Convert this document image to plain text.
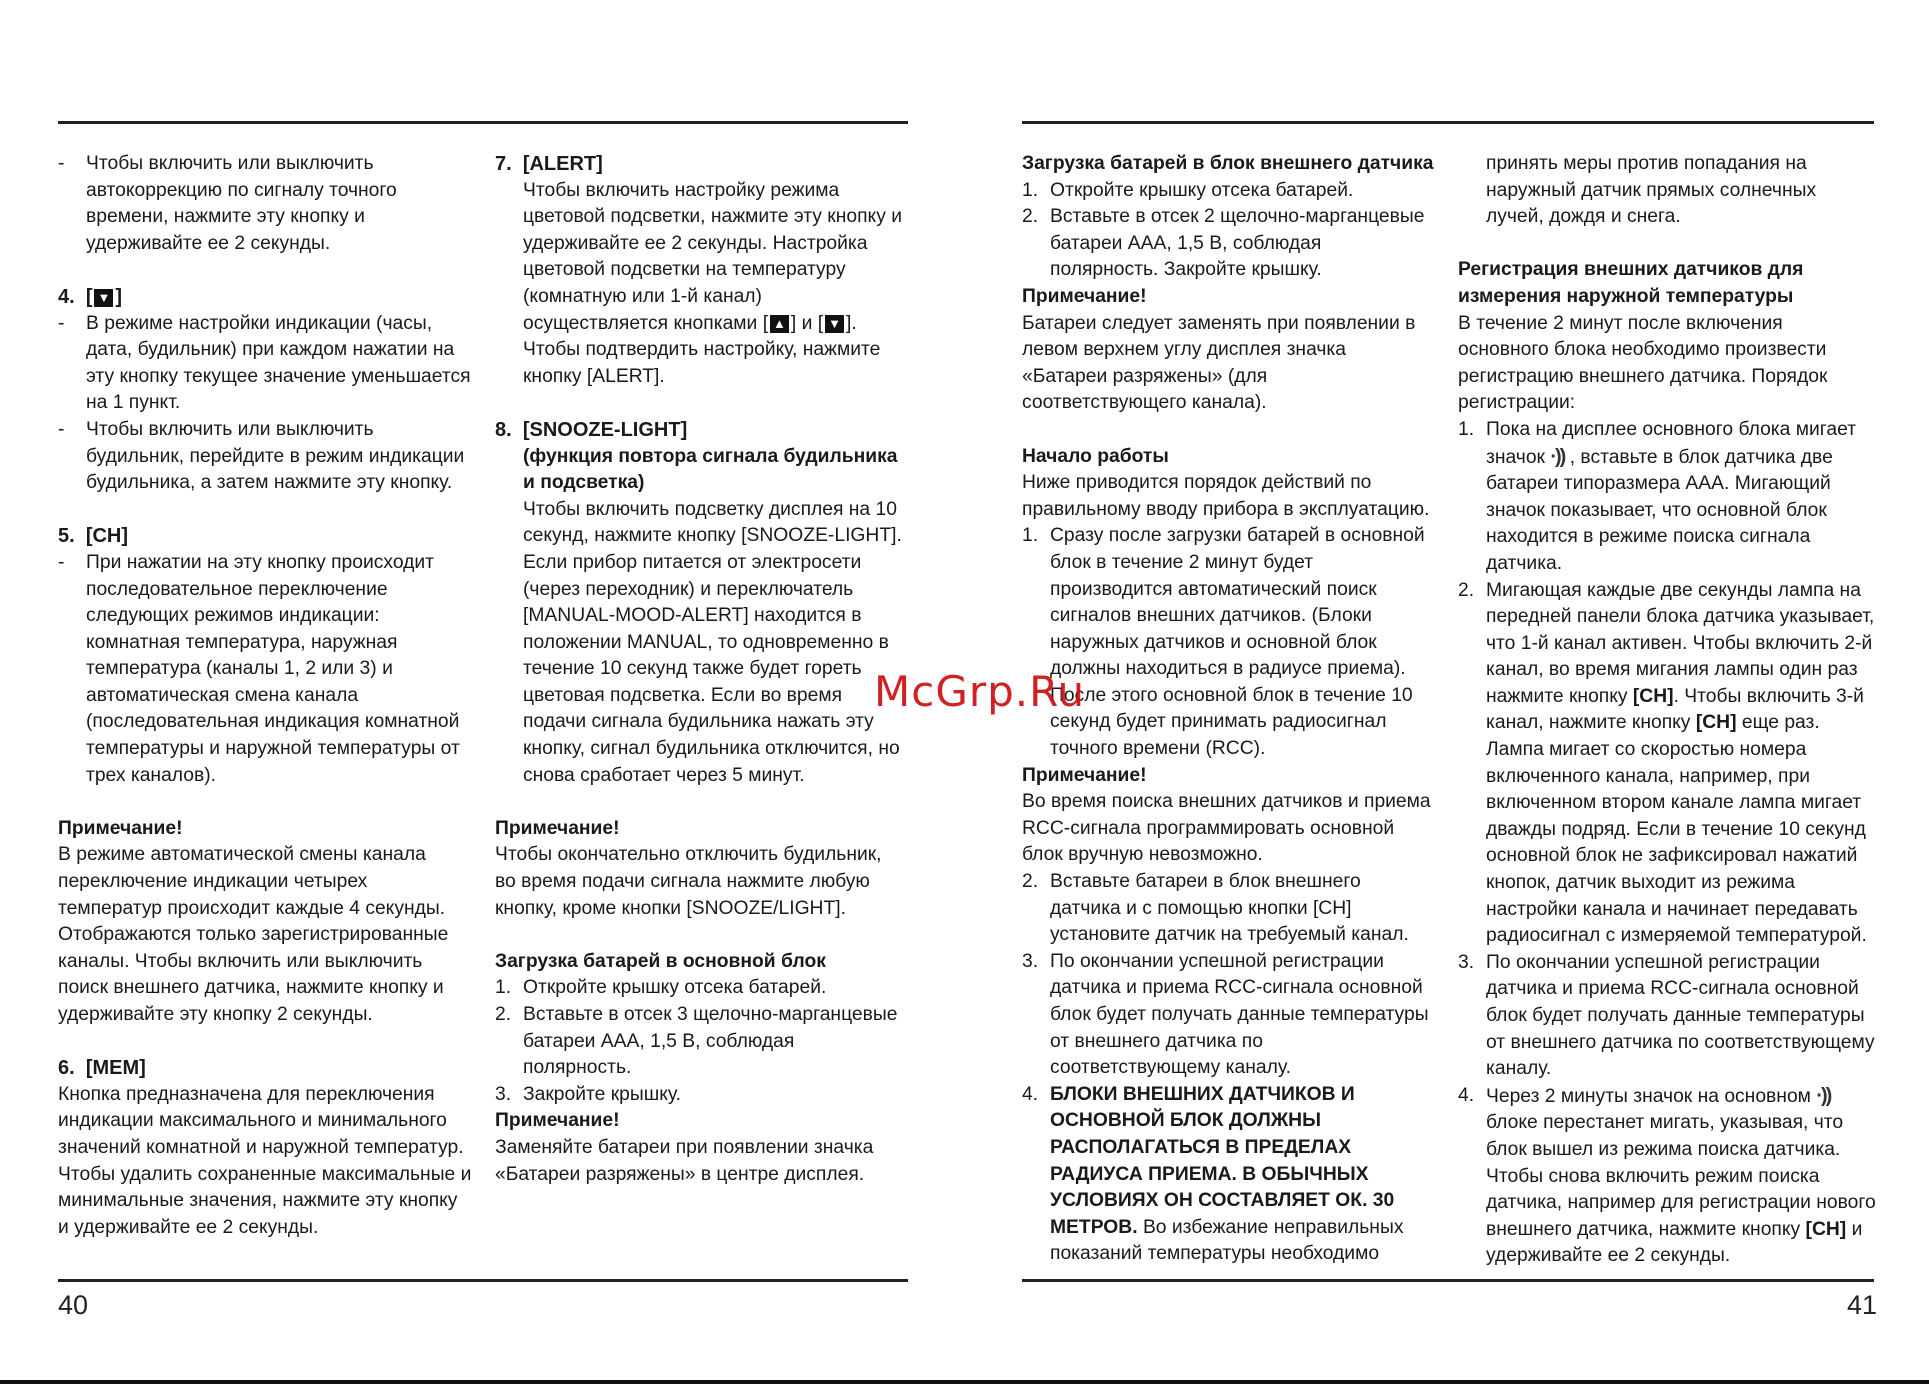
-	Чтобы включить или выключить автокоррекцию по сигналу точного времени, нажмите эту кнопку и удерживайте ее 2 секунды.

4. [ ▼ ]

-	В режиме настройки индикации (часы, дата, будильник) при каждом нажатии на эту кнопку текущее значение уменьшается на 1 пункт.
-	Чтобы включить или выключить будильник, перейдите в режим индикации будильника, а затем нажмите эту кнопку.

5. [CH]

-	При нажатии на эту кнопку происходит последовательное переключение следующих режимов индикации: комнатная температура, наружная температура (каналы 1, 2 или 3) и автоматическая смена канала (последовательная индикация комнатной температуры и наружной температуры от трех каналов).

Примечание!

В режиме автоматической смены канала переключение индикации четырех температур происходит каждые 4 секунды. Отображаются только зарегистрированные каналы. Чтобы включить или выключить поиск внешнего датчика, нажмите кнопку и удерживайте эту кнопку 2 секунды.

6. [MEM]

Кнопка предназначена для переключения индикации максимального и минимального значений комнатной и наружной температур. Чтобы удалить сохраненные максимальные и минимальные значения, нажмите эту кнопку и удерживайте ее 2 секунды.

7. [ALERT]

Чтобы включить настройку режима цветовой подсветки, нажмите эту кнопку и удерживайте ее 2 секунды. Настройка цветовой подсветки на температуру (комнатную или 1-й канал) осуществляется кнопками [ ▲ ] и [ ▼ ]. Чтобы подтвердить настройку, нажмите кнопку [ALERT].

8. [SNOOZE-LIGHT]

(функция повтора сигнала будильника и подсветка)

Чтобы включить подсветку дисплея на 10 секунд, нажмите кнопку [SNOOZE-LIGHT]. Если прибор питается от электросети (через переходник) и переключатель [MANUAL-MOOD-ALERT] находится в положении MANUAL, то одновременно в течение 10 секунд также будет гореть цветовая подсветка. Если во время подачи сигнала будильника нажать эту кнопку, сигнал будильника отключится, но снова сработает через 5 минут.

Примечание!

Чтобы окончательно отключить будильник, во время подачи сигнала нажмите любую кнопку, кроме кнопки [SNOOZE/LIGHT].

Загрузка батарей в основной блок

1. Откройте крышку отсека батарей.
2. Вставьте в отсек 3 щелочно-марганцевые батареи AAA, 1,5 В, соблюдая полярность.
3. Закройте крышку.

Примечание!

Заменяйте батареи при появлении значка «Батареи разряжены» в центре дисплея.

40

Загрузка батарей в блок внешнего датчика

1. Откройте крышку отсека батарей.
2. Вставьте в отсек 2 щелочно-марганцевые батареи AAA, 1,5 В, соблюдая полярность. Закройте крышку.

Примечание!

Батареи следует заменять при появлении в левом верхнем углу дисплея значка «Батареи разряжены» (для соответствующего канала).

Начало работы

Ниже приводится порядок действий по правильному вводу прибора в эксплуатацию.

1. Сразу после загрузки батарей в основной блок в течение 2 минут будет производится автоматический поиск сигналов внешних датчиков. (Блоки наружных датчиков и основной блок должны находиться в радиусе приема). После этого основной блок в течение 10 секунд будет принимать радиосигнал точного времени (RCC).

Примечание!

Во время поиска внешних датчиков и приема RCC-сигнала программировать основной блок вручную невозможно.

2. Вставьте батареи в блок внешнего датчика и с помощью кнопки [CH] установите датчик на требуемый канал.
3. По окончании успешной регистрации датчика и приема RCC-сигнала основной блок будет получать данные температуры от внешнего датчика по соответствующему каналу.
4. БЛОКИ ВНЕШНИХ ДАТЧИКОВ И ОСНОВНОЙ БЛОК ДОЛЖНЫ РАСПОЛАГАТЬСЯ В ПРЕДЕЛАХ РАДИУСА ПРИЕМА. В ОБЫЧНЫХ УСЛОВИЯХ ОН СОСТАВЛЯЕТ ОК. 30 МЕТРОВ. Во избежание неправильных показаний температуры необходимо

принять меры против попадания на наружный датчик прямых солнечных лучей, дождя и снега.

Регистрация внешних датчиков для измерения наружной температуры

В течение 2 минут после включения основного блока необходимо произвести регистрацию внешнего датчика. Порядок регистрации:

1. Пока на дисплее основного блока мигает значок ·)) , вставьте в блок датчика две батареи типоразмера AAA. Мигающий значок показывает, что основной блок находится в режиме поиска сигнала датчика.
2. Мигающая каждые две секунды лампа на передней панели блока датчика указывает, что 1-й канал активен. Чтобы включить 2-й канал, во время мигания лампы один раз нажмите кнопку [CH]. Чтобы включить 3-й канал, нажмите кнопку [CH] еще раз. Лампа мигает со скоростью номера включенного канала, например, при включенном втором канале лампа мигает дважды подряд. Если в течение 10 секунд основной блок не зафиксировал нажатий кнопок, датчик выходит из режима настройки канала и начинает передавать радиосигнал с измеряемой температурой.
3. По окончании успешной регистрации датчика и приема RCC-сигнала основной блок будет получать данные температуры от внешнего датчика по соответствующему каналу.
4. Через 2 минуты значок на основном ·)) блоке перестанет мигать, указывая, что блок вышел из режима поиска датчика. Чтобы снова включить режим поиска датчика, например для регистрации нового внешнего датчика, нажмите кнопку [CH] и удерживайте ее 2 секунды.
41
McGrp.Ru
